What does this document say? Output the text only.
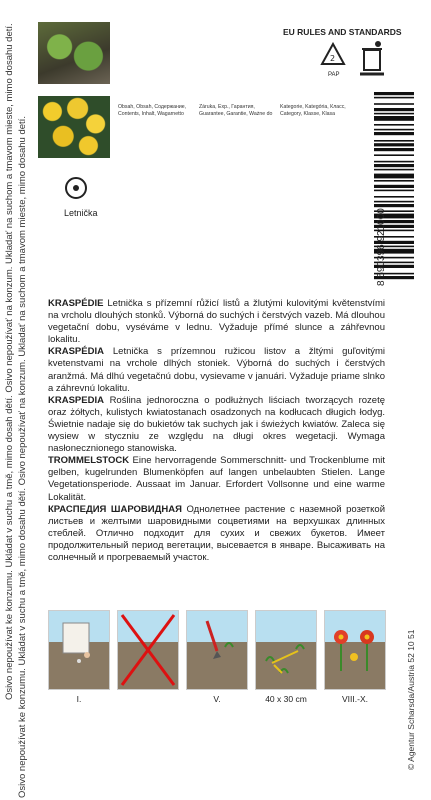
Osivo nepoužívat ke konzumu. Ukládat v suchu a tmě, mimo dosah dětí. Osivo nepoužívať na konzum. Ukladať na suchom a tmavom mieste, mimo dosahu detí. Osivo nepoužívat ke konzumu. Ukládat v suchu a tmě, mimo dosahu dětí. Osivo nepoužívať na konzum. Ukladať na suchom a tmavom mieste, mimo dosahu detí.	Letnička
Obsah, Obsah, Содержание, Contents, Inhalt, Wagarnetto
Záruka, Exp., Гарантия, Guarantee, Garantie, Ważne do
Kategorie, Kategória, Класс, Category, Klasse, Klasa
EU RULES AND STANDARDS
2
PAP
8 590396 921000

KRASPÉDIE Letnička s přízemní růžicí listů a žlutými kulovitými květenstvími na vrcholu dlouhých stonků. Výborná do suchých i čerstvých vazeb. Má dlouhou vegetační dobu, vyséváme v lednu. Vyžaduje přímé slunce a záhřevnou lokalitu.

KRASPÉDIA Letnička s prízemnou ružicou listov a žltými guľovitými kvetenstvami na vrchole dlhých stoniek. Výborná do suchých i čerstvých aranžmá. Má dlhú vegetačnú dobu, vysievame v januári. Vyžaduje priame slnko a záhrevnú lokalitu.

KRASPEDIA Roślina jednoroczna o podłużnych liściach tworzących rozetę oraz żółtych, kulistych kwiatostanach osadzonych na kodłucach długich łodyg. Świetnie nadaje się do bukietów tak suchych jak i świeżych kwiatów. Zaleca się wysiew w styczniu ze względu na długi okres wegetacji. Wymaga nasłonecznionego stanowiska.

TROMMELSTOCK Eine hervorragende Sommerschnitt- und Trockenblume mit gelben, kugelrunden Blumenköpfen auf langen unbelaubten Stielen. Lange Vegetationsperiode. Aussaat im Januar. Erfordert Vollsonne und eine warme Lokalität.

КРАСПЕДИЯ ШАРОВИДНАЯ Однолетнее растение с наземной розеткой листьев и желтыми шаровидными соцветиями на верхушках длинных стеблей. Отлично подходит для сухих и свежих букетов. Имеет продолжительный период вегетации, высевается в январе. Высаживать на солнечный и прогреваемый участок.

I.	V.	40 x 30 cm	VIII.-X.	© Agentur Scharsda/Austria 52 10 51
